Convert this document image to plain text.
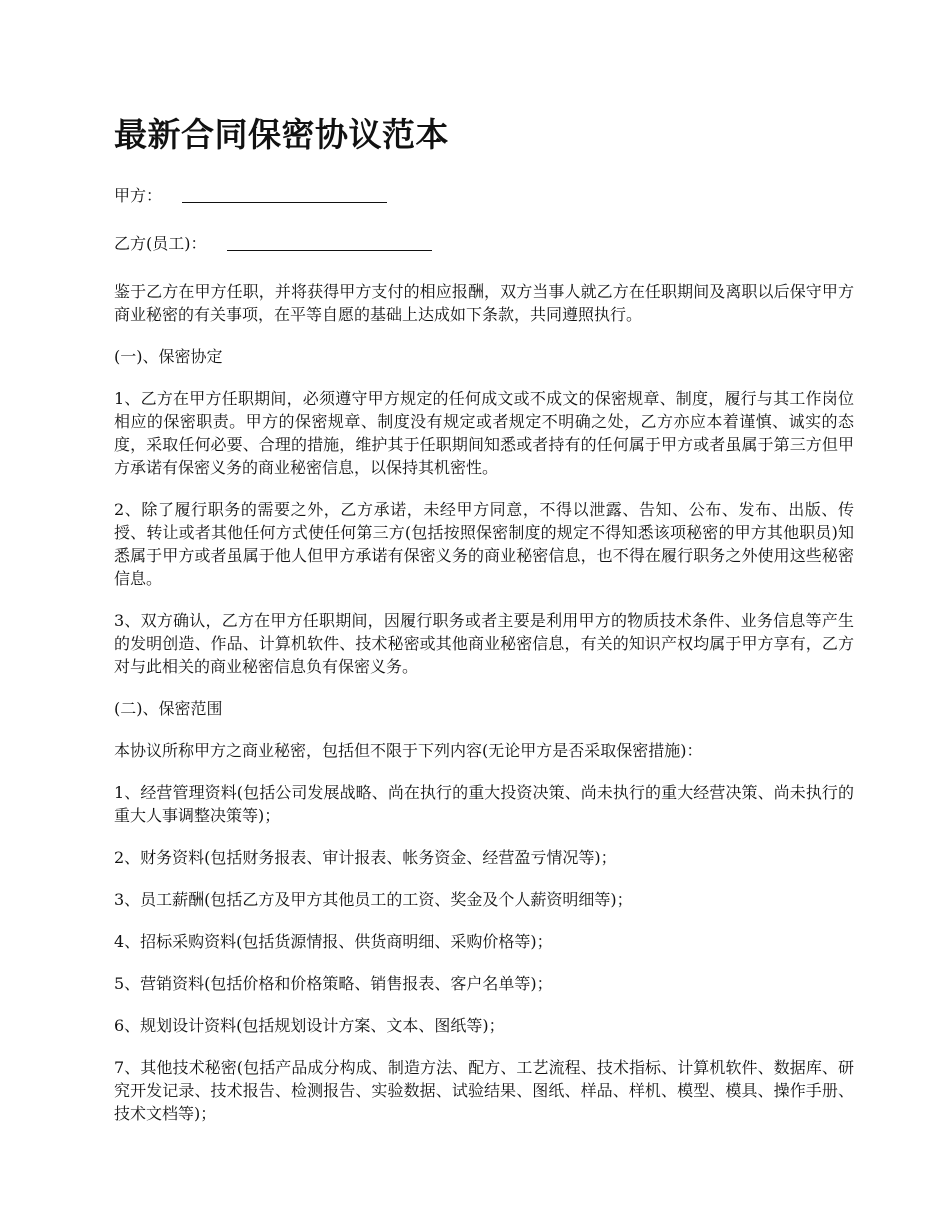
最新合同保密协议范本
甲方：
乙方(员工)：

鉴于乙方在甲方任职，并将获得甲方支付的相应报酬，双方当事人就乙方在任职期间及离职以后保守甲方商业秘密的有关事项，在平等自愿的基础上达成如下条款，共同遵照执行。

(一)、保密协定

1、乙方在甲方任职期间，必须遵守甲方规定的任何成文或不成文的保密规章、制度，履行与其工作岗位相应的保密职责。甲方的保密规章、制度没有规定或者规定不明确之处，乙方亦应本着谨慎、诚实的态度，采取任何必要、合理的措施，维护其于任职期间知悉或者持有的任何属于甲方或者虽属于第三方但甲方承诺有保密义务的商业秘密信息，以保持其机密性。

2、除了履行职务的需要之外，乙方承诺，未经甲方同意，不得以泄露、告知、公布、发布、出版、传授、转让或者其他任何方式使任何第三方(包括按照保密制度的规定不得知悉该项秘密的甲方其他职员)知悉属于甲方或者虽属于他人但甲方承诺有保密义务的商业秘密信息，也不得在履行职务之外使用这些秘密信息。

3、双方确认，乙方在甲方任职期间，因履行职务或者主要是利用甲方的物质技术条件、业务信息等产生的发明创造、作品、计算机软件、技术秘密或其他商业秘密信息，有关的知识产权均属于甲方享有，乙方对与此相关的商业秘密信息负有保密义务。

(二)、保密范围

本协议所称甲方之商业秘密，包括但不限于下列内容(无论甲方是否采取保密措施)：

1、经营管理资料(包括公司发展战略、尚在执行的重大投资决策、尚未执行的重大经营决策、尚未执行的重大人事调整决策等)；

2、财务资料(包括财务报表、审计报表、帐务资金、经营盈亏情况等)；

3、员工薪酬(包括乙方及甲方其他员工的工资、奖金及个人薪资明细等)；

4、招标采购资料(包括货源情报、供货商明细、采购价格等)；

5、营销资料(包括价格和价格策略、销售报表、客户名单等)；

6、规划设计资料(包括规划设计方案、文本、图纸等)；

7、其他技术秘密(包括产品成分构成、制造方法、配方、工艺流程、技术指标、计算机软件、数据库、研究开发记录、技术报告、检测报告、实验数据、试验结果、图纸、样品、样机、模型、模具、操作手册、技术文档等)；
